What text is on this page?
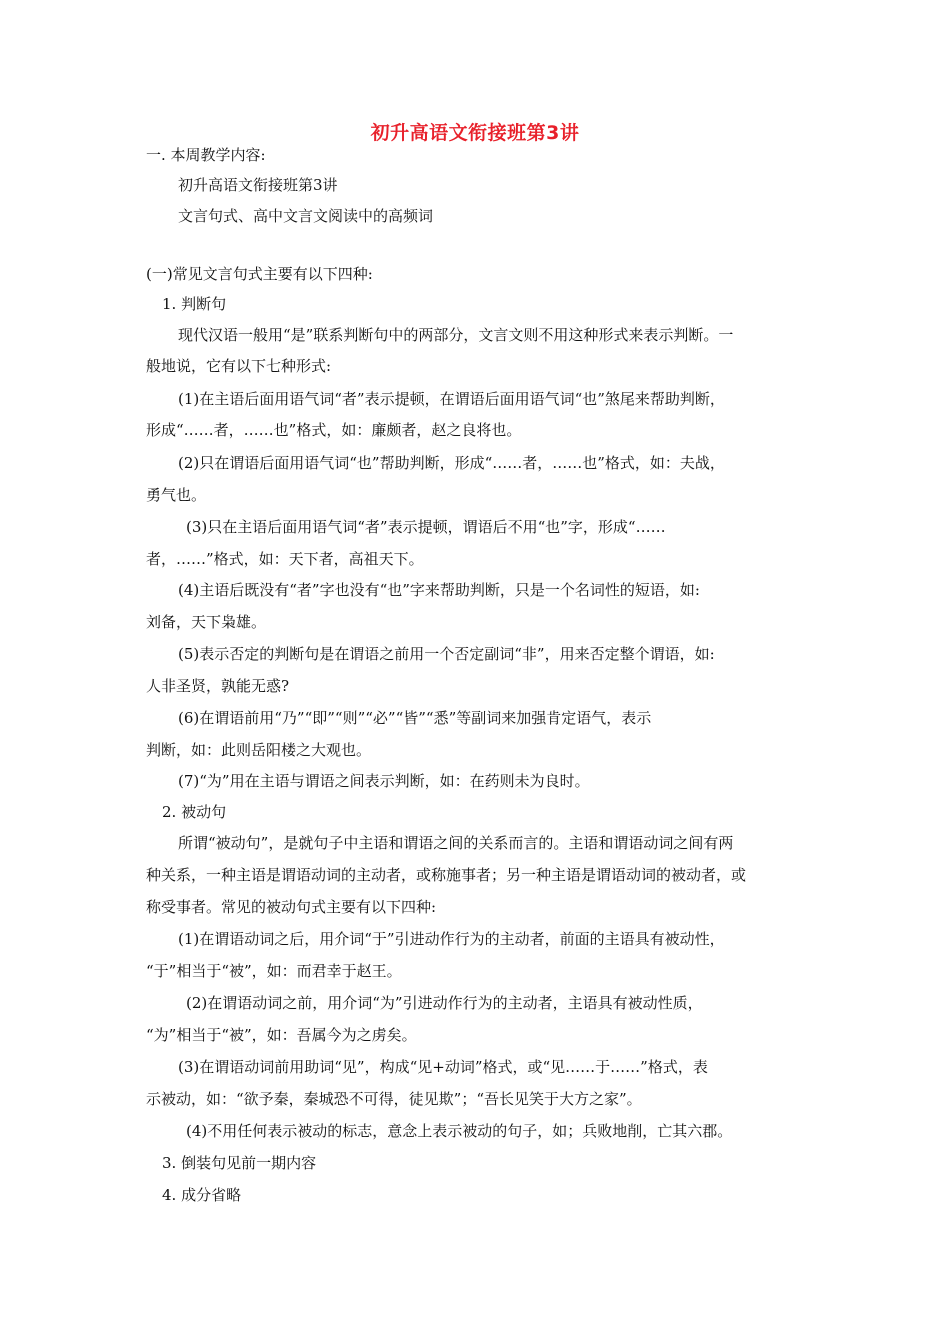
初升高语文衔接班第3讲
一. 本周教学内容:
初升高语文衔接班第3讲
文言句式、高中文言文阅读中的高频词
(一)常见文言句式主要有以下四种:
1. 判断句
现代汉语一般用“是”联系判断句中的两部分，文言文则不用这种形式来表示判断。一
般地说，它有以下七种形式:
(1)在主语后面用语气词“者”表示提顿，在谓语后面用语气词“也”煞尾来帮助判断，
形成“……者，……也”格式，如：廉颇者，赵之良将也。
(2)只在谓语后面用语气词“也”帮助判断，形成“……者，……也”格式，如：夫战，
勇气也。
(3)只在主语后面用语气词“者”表示提顿，谓语后不用“也”字，形成“……
者，……”格式，如：天下者，高祖天下。
(4)主语后既没有“者”字也没有“也”字来帮助判断，只是一个名词性的短语，如:
刘备，天下枭雄。
(5)表示否定的判断句是在谓语之前用一个否定副词“非”，用来否定整个谓语，如:
人非圣贤，孰能无惑?
(6)在谓语前用“乃”“即”“则”“必”“皆”“悉”等副词来加强肯定语气，表示
判断，如：此则岳阳楼之大观也。
(7)“为”用在主语与谓语之间表示判断，如：在药则未为良时。
2. 被动句
所谓“被动句”，是就句子中主语和谓语之间的关系而言的。主语和谓语动词之间有两
种关系，一种主语是谓语动词的主动者，或称施事者；另一种主语是谓语动词的被动者，或
称受事者。常见的被动句式主要有以下四种:
(1)在谓语动词之后，用介词“于”引进动作行为的主动者，前面的主语具有被动性，
“于”相当于“被”，如：而君幸于赵王。
(2)在谓语动词之前，用介词“为”引进动作行为的主动者，主语具有被动性质，
“为”相当于“被”，如：吾属今为之虏矣。
(3)在谓语动词前用助词“见”，构成“见+动词”格式，或“见……于……”格式，表
示被动，如：“欲予秦，秦城恐不可得，徒见欺”；“吾长见笑于大方之家”。
(4)不用任何表示被动的标志，意念上表示被动的句子，如；兵败地削，亡其六郡。
3. 倒装句见前一期内容
4. 成分省略
